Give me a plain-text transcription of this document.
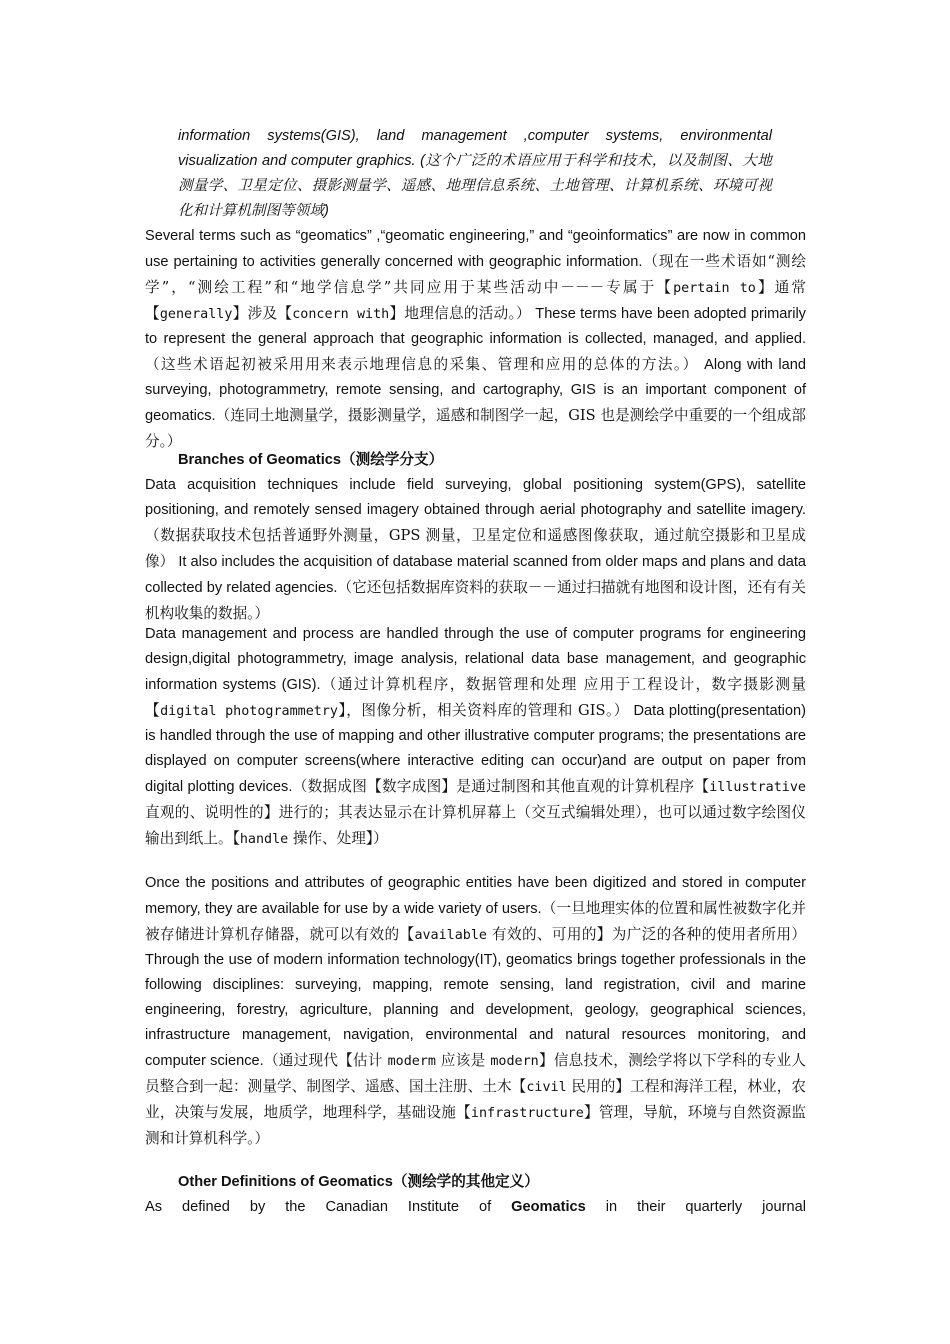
information systems(GIS), land management ,computer systems, environmental visualization and computer graphics. (这个广泛的术语应用于科学和技术，以及制图、大地测量学、卫星定位、摄影测量学、遥感、地理信息系统、土地管理、计算机系统、环境可视化和计算机制图等领域)
Several terms such as “geomatics” ,“geomatic engineering,” and “geoinformatics” are now in common use pertaining to activities generally concerned with geographic information.（现在一些术语如“测绘学”，“测绘工程”和“地学信息学”共同应用于某些活动中－－－专属于【pertain to】通常【generally】涉及【concern with】地理信息的活动。） These terms have been adopted primarily to represent the general approach that geographic information is collected, managed, and applied.（这些术语起初被采用用来表示地理信息的采集、管理和应用的总体的方法。） Along with land surveying, photogrammetry, remote sensing, and cartography, GIS is an important component of geomatics.（连同土地测量学，摄影测量学，遥感和制图学一起，GIS 也是测绘学中重要的一个组成部分。）
Branches of Geomatics（测绘学分支）
Data acquisition techniques include field surveying, global positioning system(GPS), satellite positioning, and remotely sensed imagery obtained through aerial photography and satellite imagery.（数据获取技术包括普通野外测量，GPS 测量，卫星定位和遥感图像获取，通过航空摄影和卫星成像） It also includes the acquisition of database material scanned from older maps and plans and data collected by related agencies.（它还包括数据库资料的获取－－通过扫描就有地图和设计图，还有有关机构收集的数据。）
Data management and process are handled through the use of computer programs for engineering design,digital photogrammetry, image analysis, relational data base management, and geographic information systems (GIS).（通过计算机程序，数据管理和处理 应用于工程设计，数字摄影测量【digital photogrammetry】，图像分析，相关资料库的管理和 GIS。） Data plotting(presentation) is handled through the use of mapping and other illustrative computer programs; the presentations are displayed on computer screens(where interactive editing can occur)and are output on paper from digital plotting devices.（数据成图【数字成图】是通过制图和其他直观的计算机程序【illustrative 直观的、说明性的】进行的；其表达显示在计算机屏幕上（交互式编辑处理），也可以通过数字绘图仪输出到纸上。【handle 操作、处理】）
Once the positions and attributes of geographic entities have been digitized and stored in computer memory, they are available for use by a wide variety of users.（一旦地理实体的位置和属性被数字化并被存储进计算机存储器，就可以有效的【available 有效的、可用的】为广泛的各种的使用者所用） Through the use of modern information technology(IT), geomatics brings together professionals in the following disciplines: surveying, mapping, remote sensing, land registration, civil and marine engineering, forestry, agriculture, planning and development, geology, geographical sciences, infrastructure management, navigation, environmental and natural resources monitoring, and computer science.（通过现代【估计 moderm 应该是 modern】信息技术，测绘学将以下学科的专业人员整合到一起：测量学、制图学、遥感、国土注册、土木【civil 民用的】工程和海洋工程，林业，农业，决策与发展，地质学，地理科学，基础设施【infrastructure】管理，导航，环境与自然资源监测和计算机科学。）
Other Definitions of Geomatics（测绘学的其他定义）
As defined by the Canadian Institute of Geomatics in their quarterly journal
